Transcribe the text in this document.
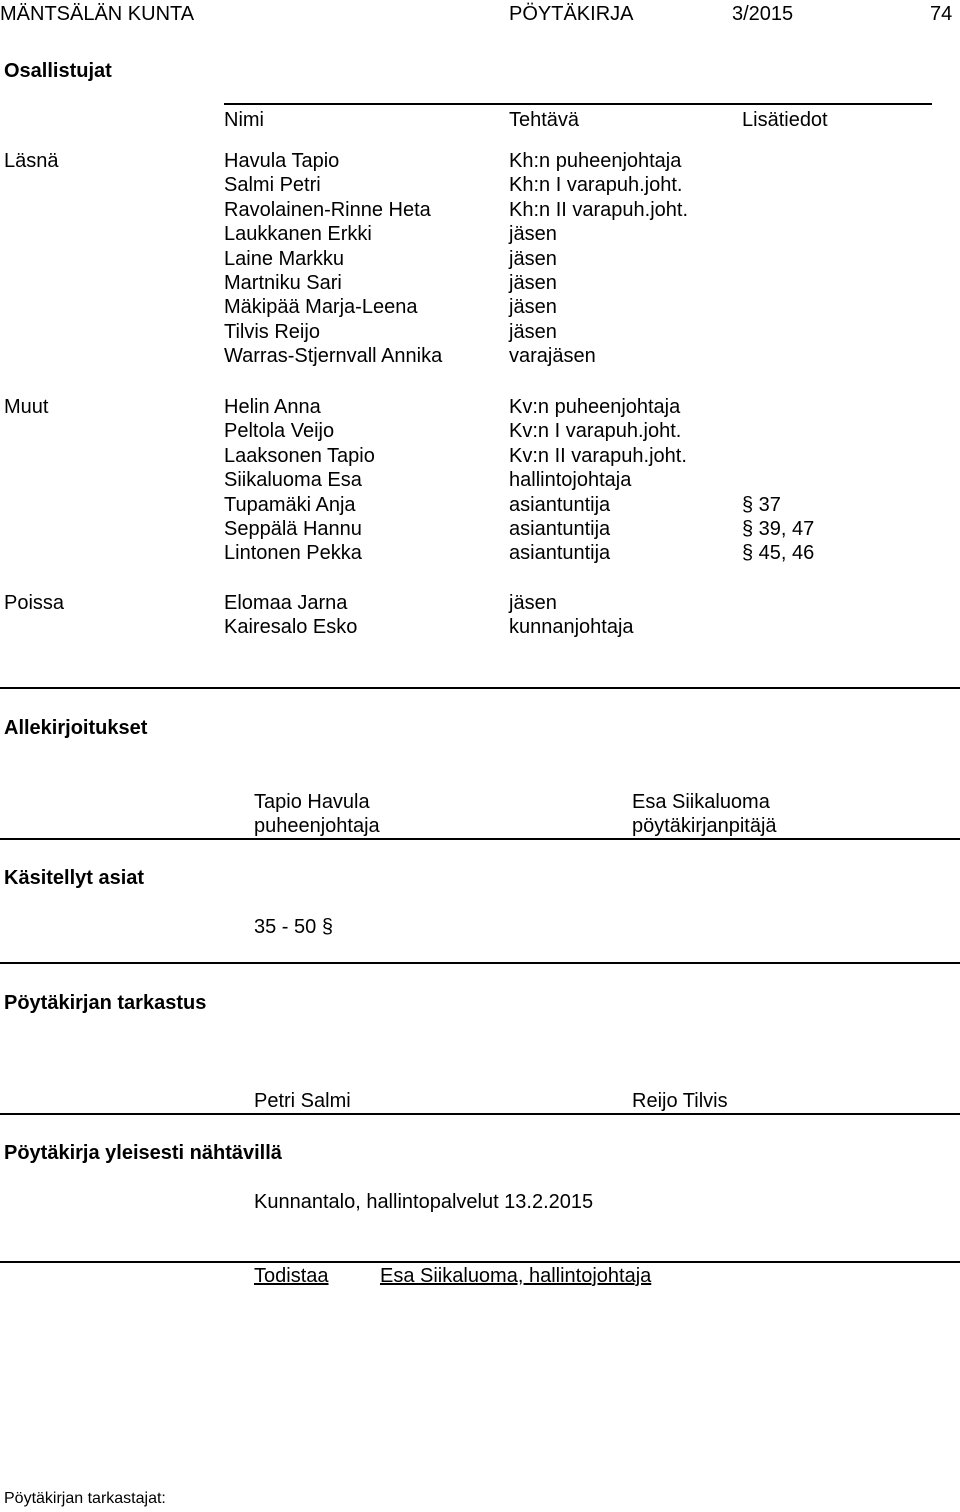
MÄNTSÄLÄN KUNTA	PÖYTÄKIRJA	3/2015	74
Osallistujat
Nimi	Tehtävä	Lisätiedot
Läsnä	Havula Tapio	Kh:n puheenjohtaja
Salmi Petri	Kh:n I varapuh.joht.
Ravolainen-Rinne Heta	Kh:n II varapuh.joht.
Laukkanen Erkki	jäsen
Laine Markku	jäsen
Martniku Sari	jäsen
Mäkipää Marja-Leena	jäsen
Tilvis Reijo	jäsen
Warras-Stjernvall Annika	varajäsen
Muut	Helin Anna	Kv:n puheenjohtaja
Peltola Veijo	Kv:n I varapuh.joht.
Laaksonen Tapio	Kv:n II varapuh.joht.
Siikaluoma Esa	hallintojohtaja
Tupamäki Anja	asiantuntija	§ 37
Seppälä Hannu	asiantuntija	§ 39, 47
Lintonen Pekka	asiantuntija	§ 45, 46
Poissa	Elomaa Jarna	jäsen
Kairesalo Esko	kunnanjohtaja
Allekirjoitukset
Tapio Havula
puheenjohtaja
Esa Siikaluoma
pöytäkirjanpitäjä
Käsitellyt asiat
35 - 50 §
Pöytäkirjan tarkastus
Petri Salmi	Reijo Tilvis
Pöytäkirja yleisesti nähtävillä
Kunnantalo, hallintopalvelut 13.2.2015
Todistaa	Esa Siikaluoma, hallintojohtaja
Pöytäkirjan tarkastajat:
